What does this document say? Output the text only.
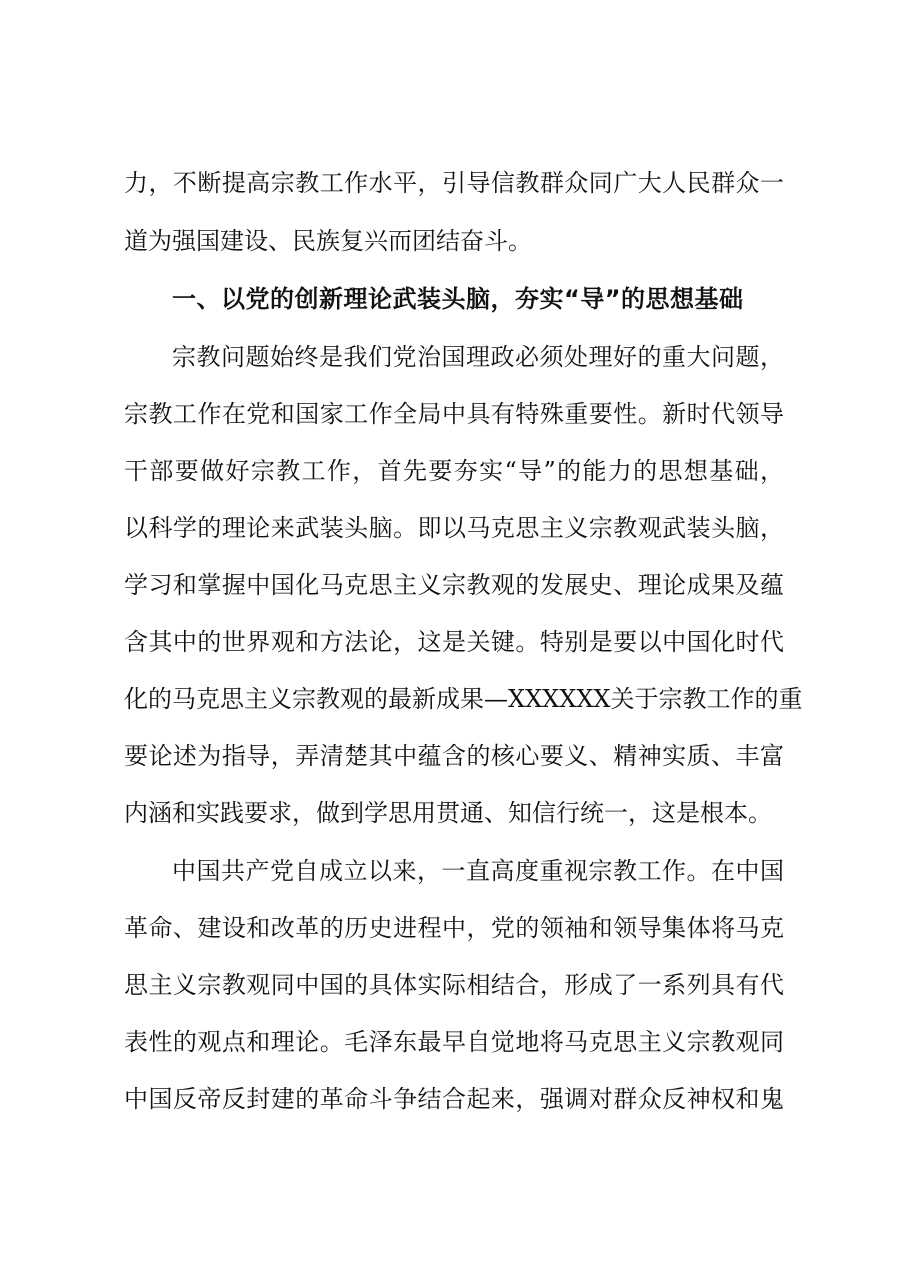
力，不断提高宗教工作水平，引导信教群众同广大人民群众一
道为强国建设、民族复兴而团结奋斗。
一、以党的创新理论武装头脑，夯实“导”的思想基础
宗教问题始终是我们党治国理政必须处理好的重大问题，
宗教工作在党和国家工作全局中具有特殊重要性。新时代领导
干部要做好宗教工作，首先要夯实“导”的能力的思想基础，
以科学的理论来武装头脑。即以马克思主义宗教观武装头脑，
学习和掌握中国化马克思主义宗教观的发展史、理论成果及蕴
含其中的世界观和方法论，这是关键。特别是要以中国化时代
化的马克思主义宗教观的最新成果—XXXXXX关于宗教工作的重
要论述为指导，弄清楚其中蕴含的核心要义、精神实质、丰富
内涵和实践要求，做到学思用贯通、知信行统一，这是根本。
中国共产党自成立以来，一直高度重视宗教工作。在中国
革命、建设和改革的历史进程中，党的领袖和领导集体将马克
思主义宗教观同中国的具体实际相结合，形成了一系列具有代
表性的观点和理论。毛泽东最早自觉地将马克思主义宗教观同
中国反帝反封建的革命斗争结合起来，强调对群众反神权和鬼
